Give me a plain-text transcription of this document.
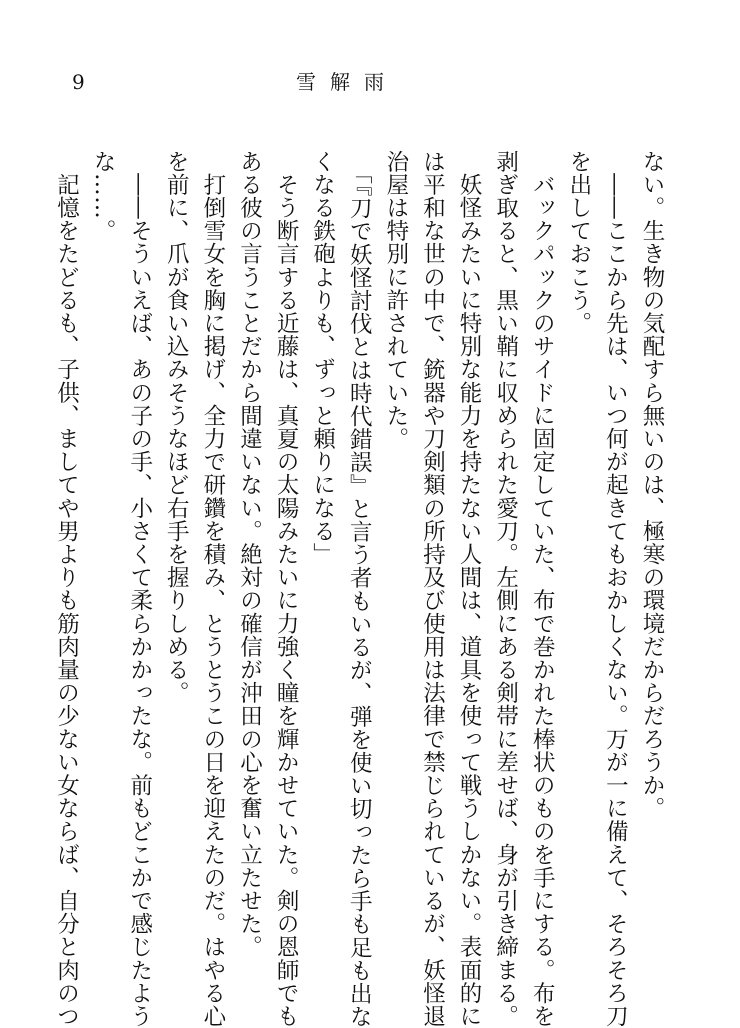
9	雪解雨
ない。生き物の気配すら無いのは、極寒の環境だからだろうか。
　――ここから先は、いつ何が起きてもおかしくない。万が一に備えて、そろそろ刀
を出しておこう。
　バックパックのサイドに固定していた、布で巻かれた棒状のものを手にする。布を
剥ぎ取ると、黒い鞘に収められた愛刀。左側にある剣帯に差せば、身が引き締まる。
　妖怪みたいに特別な能力を持たない人間は、道具を使って戦うしかない。表面的に
は平和な世の中で、銃器や刀剣類の所持及び使用は法律で禁じられているが、妖怪退
治屋は特別に許されていた。
　「『刀で妖怪討伐とは時代錯誤』と言う者もいるが、弾を使い切ったら手も足も出な
くなる鉄砲よりも、ずっと頼りになる」
　そう断言する近藤は、真夏の太陽みたいに力強く瞳を輝かせていた。剣の恩師でも
ある彼の言うことだから間違いない。絶対の確信が沖田の心を奮い立たせた。
　打倒雪女を胸に掲げ、全力で研鑽を積み、とうとうこの日を迎えたのだ。はやる心
を前に、爪が食い込みそうなほど右手を握りしめる。
　――そういえば、あの子の手、小さくて柔らかかったな。前もどこかで感じたよう
な……。
　記憶をたどるも、子供、ましてや男よりも筋肉量の少ない女ならば、自分と肉のつ
